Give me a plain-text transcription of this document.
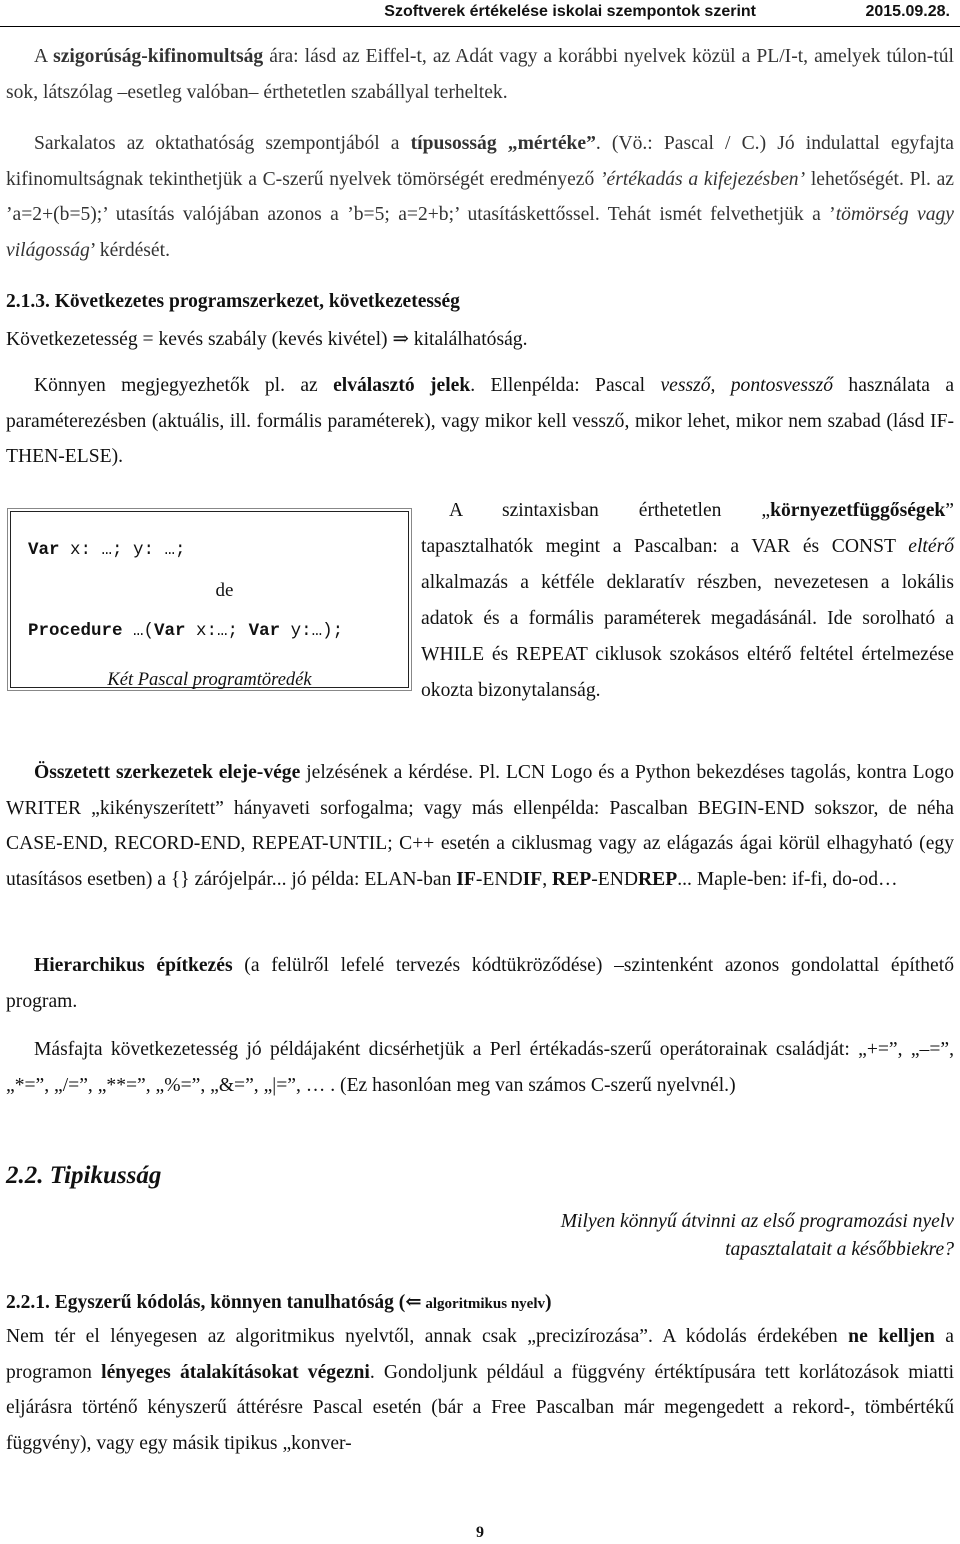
Szoftverek értékelése iskolai szempontok szerint	2015.09.28.

A szigorúság-kifinomultság ára: lásd az Eiffel-t, az Adát vagy a korábbi nyelvek közül a PL/I-t, amelyek túlon-túl sok, látszólag –esetleg valóban– érthetetlen szabállyal terheltek.

Sarkalatos az oktathatóság szempontjából a típusosság „mértéke”. (Vö.: Pascal / C.) Jó indulattal egyfajta kifinomultságnak tekinthetjük a C-szerű nyelvek tömörségét eredményező ’értékadás a kifejezésben’ lehetőségét. Pl. az ’a=2+(b=5);’ utasítás valójában azonos a ’b=5; a=2+b;’ utasításkettőssel. Tehát ismét felvethetjük a ’tömörség vagy világosság’ kérdését.

2.1.3. Következetes programszerkezet, következetesség

Következetesség = kevés szabály (kevés kivétel) ⇒ kitalálhatóság.

Könnyen megjegyezhetők pl. az elválasztó jelek. Ellenpélda: Pascal vessző, pontosvessző használata a paraméterezésben (aktuális, ill. formális paraméterek), vagy mikor kell vessző, mikor lehet, mikor nem szabad (lásd IF-THEN-ELSE).

Var x: …; y: …;
de
Procedure …(Var x:…; Var y:…);
Két Pascal programtöredék

A szintaxisban érthetetlen „környezetfüggőségek” tapasztalhatók megint a Pascalban: a VAR és CONST eltérő alkalmazás a kétféle deklaratív részben, nevezetesen a lokális adatok és a formális paraméterek megadásánál. Ide sorolható a WHILE és REPEAT ciklusok szokásos eltérő feltétel értelmezése okozta bizonytalanság.

Összetett szerkezetek eleje-vége jelzésének a kérdése. Pl. LCN Logo és a Python bekezdéses tagolás, kontra Logo WRITER „kikényszerített” hányaveti sorfogalma; vagy más ellenpélda: Pascalban BEGIN-END sokszor, de néha CASE-END, RECORD-END, REPEAT-UNTIL; C++ esetén a ciklusmag vagy az elágazás ágai körül elhagyható (egy utasításos esetben) a {} zárójelpár... jó példa: ELAN-ban IF-ENDIF, REP-ENDREP... Maple-ben: if-fi, do-od…

Hierarchikus építkezés (a felülről lefelé tervezés kódtükröződése) –szintenként azonos gondolattal építhető program.

Másfajta következetesség jó példájaként dicsérhetjük a Perl értékadás-szerű operátorainak családját: „+=”, „–=”, „*=”, „/=”, „**=”, „%=”, „&=”, „|=”, … . (Ez hasonlóan meg van számos C-szerű nyelvnél.)

2.2. Tipikusság

Milyen könnyű átvinni az első programozási nyelv tapasztalatait a későbbiekre?

2.2.1. Egyszerű kódolás, könnyen tanulhatóság (⇐ algoritmikus nyelv)

Nem tér el lényegesen az algoritmikus nyelvtől, annak csak „precizírozása”. A kódolás érdekében ne kelljen a programon lényeges átalakításokat végezni. Gondoljunk például a függvény értéktípusára tett korlátozások miatti eljárásra történő kényszerű áttérésre Pascal esetén (bár a Free Pascalban már megengedett a rekord-, tömbértékű függvény), vagy egy másik tipikus „konver-

9
